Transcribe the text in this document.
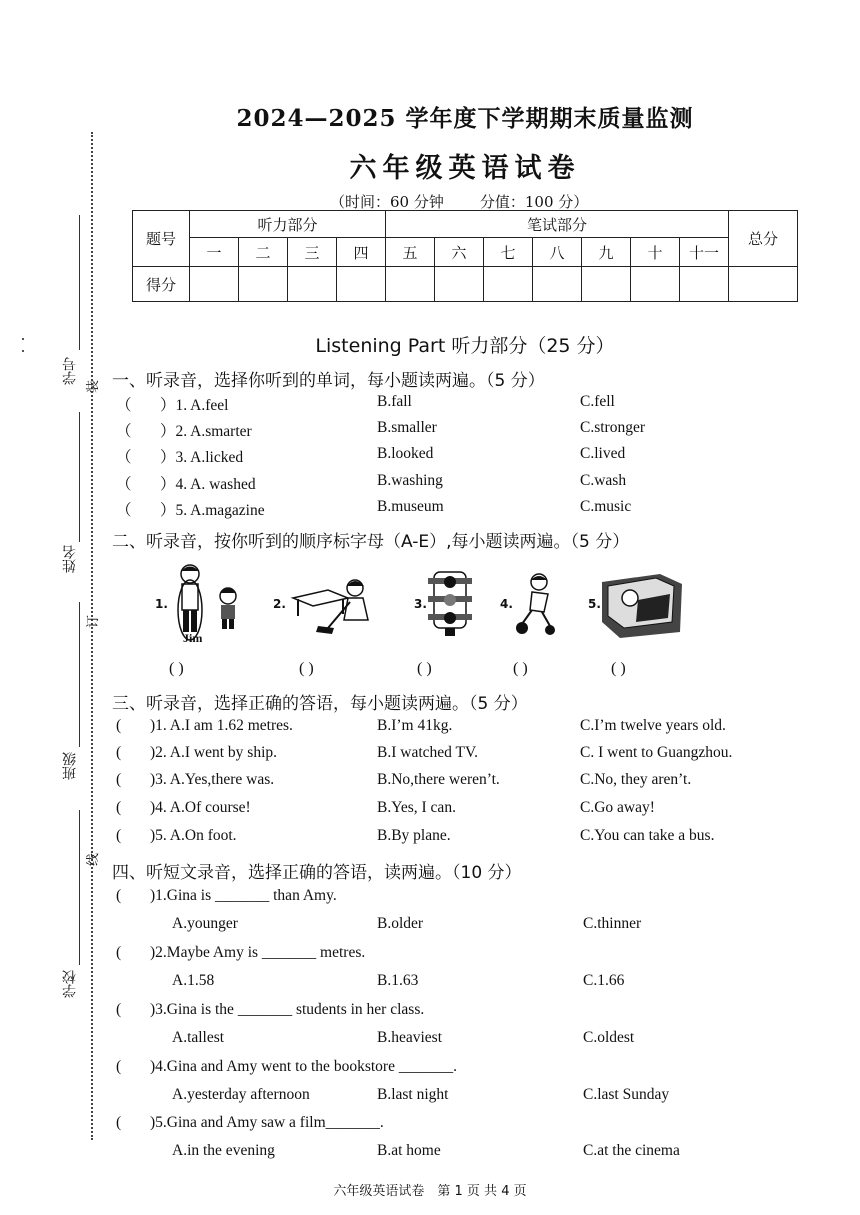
学号
装
姓名
订
班级
线
学校
2024—2025 学年度下学期期末质量监测
六年级英语试卷
（时间：60 分钟 分值：100 分）
题号	听力部分				笔试部分							总分
	一	二	三	四	五	六	七	八	九	十	十一	
得分												
Listening Part 听力部分（25 分）
一、听录音，选择你听到的单词，每小题读两遍。（5 分）
（ ）1. A.feel	B.fall	C.fell
（ ）2. A.smarter	B.smaller	C.stronger
（ ）3. A.licked	B.looked	C.lived
（ ）4. A. washed	B.washing	C.wash
（ ）5. A.magazine	B.museum	C.music
二、听录音，按你听到的顺序标字母（A-E）,每小题读两遍。（5 分）
1.
Jim
2.	3.	4.	5.
( )	( )	( )	( )	( )
三、听录音，选择正确的答语，每小题读两遍。（5 分）
( )1. A.I am 1.62 metres.	B.I’m 41kg.	C.I’m twelve years old.
( )2. A.I went by ship.	B.I watched TV.	C. I went to Guangzhou.
( )3. A.Yes,there was.	B.No,there weren’t.	C.No, they aren’t.
( )4. A.Of course!	B.Yes, I can.	C.Go away!
( )5. A.On foot.	B.By plane.	C.You can take a bus.
四、听短文录音，选择正确的答语，读两遍。（10 分）
( )1.Gina is _______ than Amy.
A.younger	B.older	C.thinner
( )2.Maybe Amy is _______ metres.
A.1.58	B.1.63	C.1.66
( )3.Gina is the _______ students in her class.
A.tallest	B.heaviest	C.oldest
( )4.Gina and Amy went to the bookstore _______.
A.yesterday afternoon	B.last night	C.last Sunday
( )5.Gina and Amy saw a film_______.
A.in the evening	B.at home	C.at the cinema
六年级英语试卷　第 1 页 共 4 页
